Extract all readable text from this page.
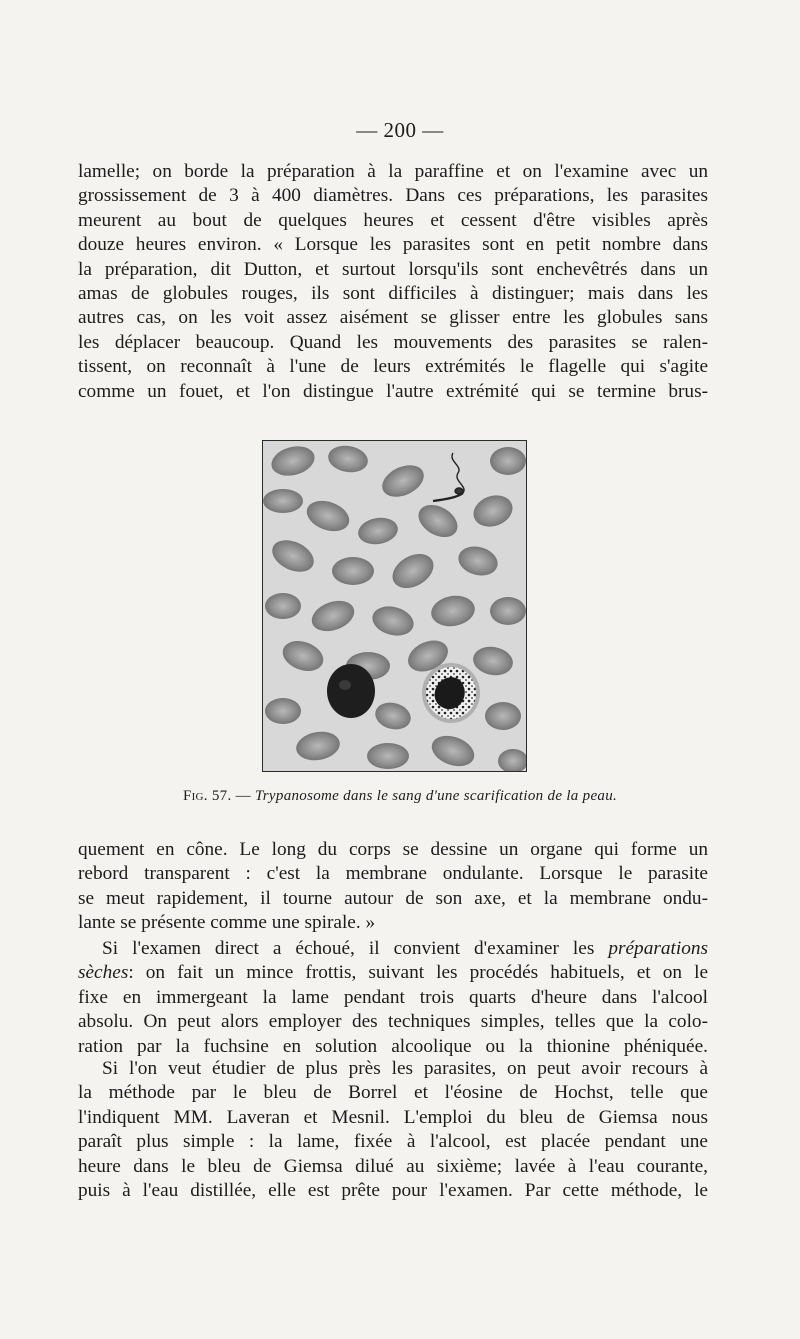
— 200 —
lamelle; on borde la préparation à la paraffine et on l'examine avec un
grossissement de 3 à 400 diamètres. Dans ces préparations, les parasites
meurent au bout de quelques heures et cessent d'être visibles après
douze heures environ. « Lorsque les parasites sont en petit nombre dans
la préparation, dit Dutton, et surtout lorsqu'ils sont enchevêtrés dans un
amas de globules rouges, ils sont difficiles à distinguer; mais dans les
autres cas, on les voit assez aisément se glisser entre les globules sans
les déplacer beaucoup. Quand les mouvements des parasites se ralen-
tissent, on reconnaît à l'une de leurs extrémités le flagelle qui s'agite
comme un fouet, et l'on distingue l'autre extrémité qui se termine brus-
Fig. 57. — Trypanosome dans le sang d'une scarification de la peau.
quement en cône. Le long du corps se dessine un organe qui forme un
rebord transparent : c'est la membrane ondulante. Lorsque le parasite
se meut rapidement, il tourne autour de son axe, et la membrane ondu-
lante se présente comme une spirale. »
Si l'examen direct a échoué, il convient d'examiner les préparations
sèches: on fait un mince frottis, suivant les procédés habituels, et on le
fixe en immergeant la lame pendant trois quarts d'heure dans l'alcool
absolu. On peut alors employer des techniques simples, telles que la colo-
ration par la fuchsine en solution alcoolique ou la thionine phéniquée.
Si l'on veut étudier de plus près les parasites, on peut avoir recours à
la méthode par le bleu de Borrel et l'éosine de Hochst, telle que
l'indiquent MM. Laveran et Mesnil. L'emploi du bleu de Giemsa nous
paraît plus simple : la lame, fixée à l'alcool, est placée pendant une
heure dans le bleu de Giemsa dilué au sixième; lavée à l'eau courante,
puis à l'eau distillée, elle est prête pour l'examen. Par cette méthode, le
